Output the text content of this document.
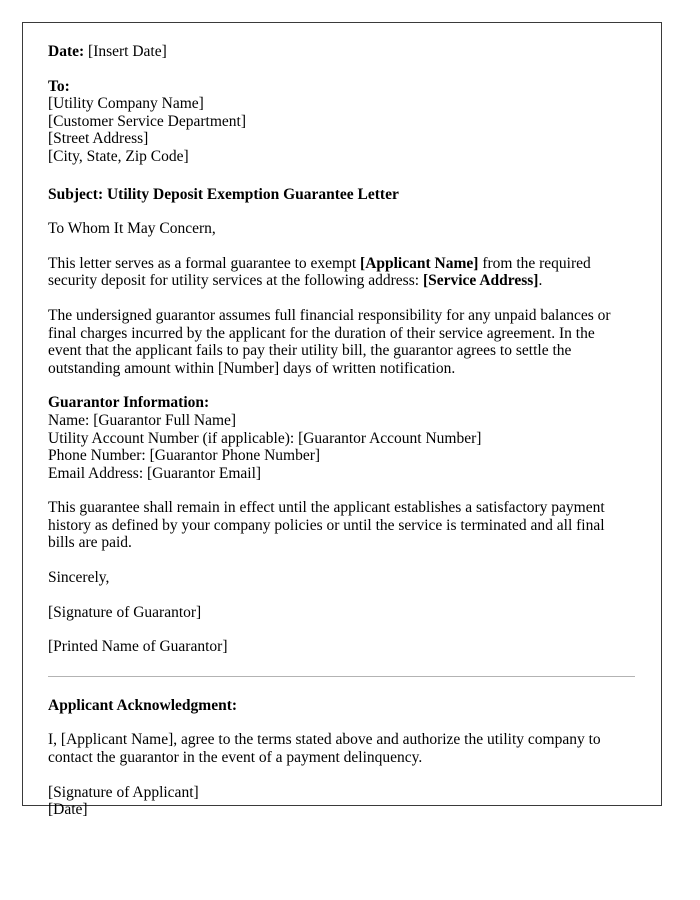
Date: [Insert Date]

To:

[Utility Company Name]

[Customer Service Department]

[Street Address]

[City, State, Zip Code]

Subject: Utility Deposit Exemption Guarantee Letter

To Whom It May Concern,

This letter serves as a formal guarantee to exempt [Applicant Name] from the required security deposit for utility services at the following address: [Service Address].

The undersigned guarantor assumes full financial responsibility for any unpaid balances or final charges incurred by the applicant for the duration of their service agreement. In the event that the applicant fails to pay their utility bill, the guarantor agrees to settle the outstanding amount within [Number] days of written notification.

Guarantor Information:

Name: [Guarantor Full Name]

Utility Account Number (if applicable): [Guarantor Account Number]

Phone Number: [Guarantor Phone Number]

Email Address: [Guarantor Email]

This guarantee shall remain in effect until the applicant establishes a satisfactory payment history as defined by your company policies or until the service is terminated and all final bills are paid.

Sincerely,

[Signature of Guarantor]

[Printed Name of Guarantor]

Applicant Acknowledgment:

I, [Applicant Name], agree to the terms stated above and authorize the utility company to contact the guarantor in the event of a payment delinquency.

[Signature of Applicant]

[Date]
